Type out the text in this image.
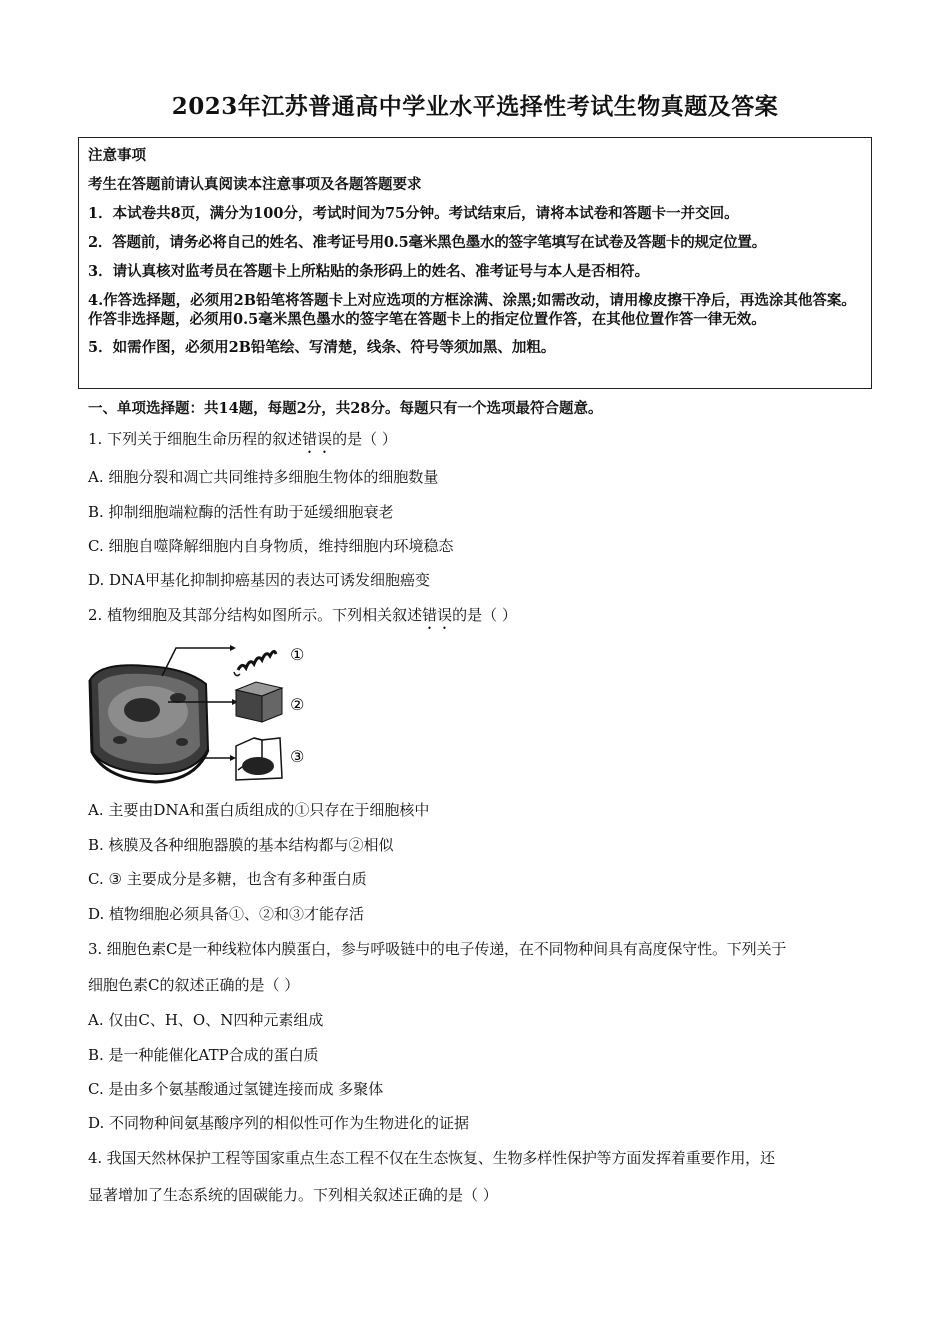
2023年江苏普通高中学业水平选择性考试生物真题及答案

注意事项

考生在答题前请认真阅读本注意事项及各题答题要求

1．本试卷共8页，满分为100分，考试时间为75分钟。考试结束后，请将本试卷和答题卡一并交回。

2．答题前，请务必将自己的姓名、准考证号用0.5毫米黑色墨水的签字笔填写在试卷及答题卡的规定位置。

3．请认真核对监考员在答题卡上所粘贴的条形码上的姓名、准考证号与本人是否相符。

4.作答选择题，必须用2B铅笔将答题卡上对应选项的方框涂满、涂黑;如需改动，请用橡皮擦干净后，再选涂其他答案。作答非选择题，必须用0.5毫米黑色墨水的签字笔在答题卡上的指定位置作答，在其他位置作答一律无效。

5．如需作图，必须用2B铅笔绘、写清楚，线条、符号等须加黑、加粗。

一、单项选择题：共14题，每题2分，共28分。每题只有一个选项最符合题意。
1. 下列关于细胞生命历程的叙述错误的是（ ）
A. 细胞分裂和凋亡共同维持多细胞生物体的细胞数量
B. 抑制细胞端粒酶的活性有助于延缓细胞衰老
C. 细胞自噬降解细胞内自身物质，维持细胞内环境稳态
D. DNA甲基化抑制抑癌基因的表达可诱发细胞癌变
2. 植物细胞及其部分结构如图所示。下列相关叙述错误的是（ ）
①
②
③
A. 主要由DNA和蛋白质组成的①只存在于细胞核中
B. 核膜及各种细胞器膜的基本结构都与②相似
C. ③ 主要成分是多糖，也含有多种蛋白质
D. 植物细胞必须具备①、②和③才能存活
3. 细胞色素C是一种线粒体内膜蛋白，参与呼吸链中的电子传递，在不同物种间具有高度保守性。下列关于
细胞色素C的叙述正确的是（ ）
A. 仅由C、H、O、N四种元素组成
B. 是一种能催化ATP合成的蛋白质
C. 是由多个氨基酸通过氢键连接而成 多聚体
D. 不同物种间氨基酸序列的相似性可作为生物进化的证据
4. 我国天然林保护工程等国家重点生态工程不仅在生态恢复、生物多样性保护等方面发挥着重要作用，还
显著增加了生态系统的固碳能力。下列相关叙述正确的是（ ）
